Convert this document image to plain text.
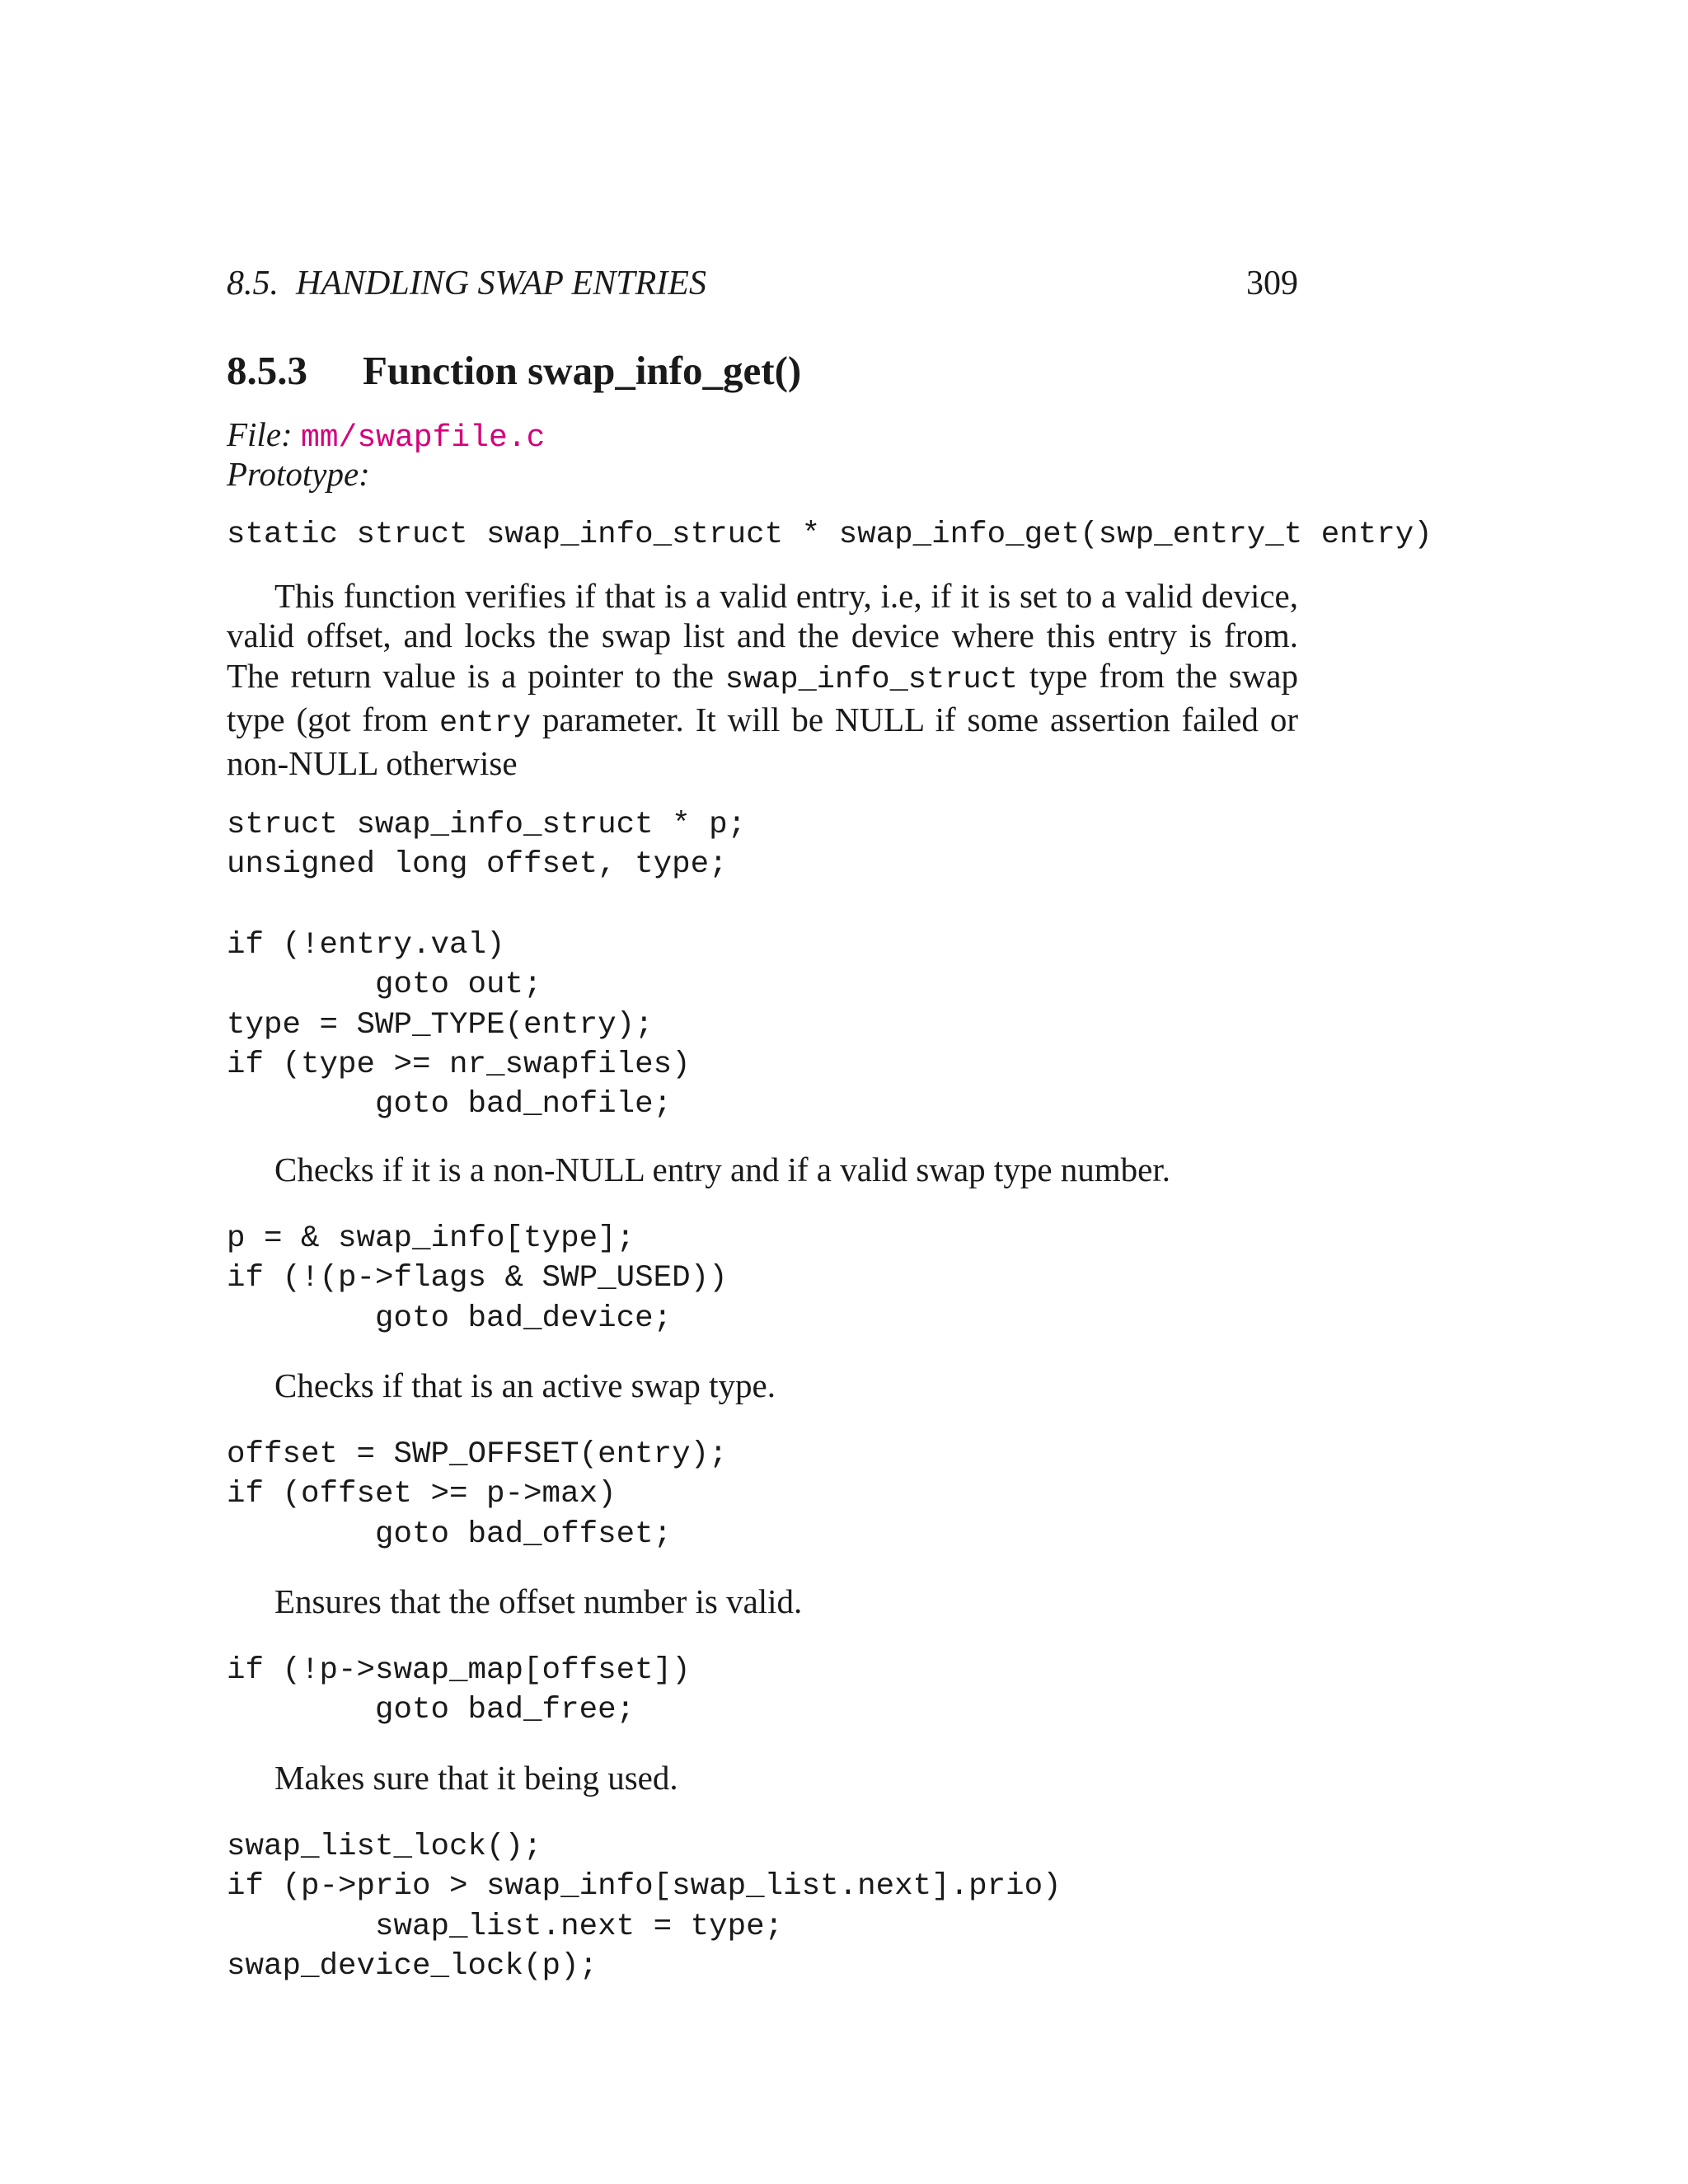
8.5.  HANDLING SWAP ENTRIES	309
8.5.3 Function swap_info_get()
File: mm/swapfile.c
Prototype:
static struct swap_info_struct * swap_info_get(swp_entry_t entry)

This function verifies if that is a valid entry, i.e, if it is set to a valid device, valid offset, and locks the swap list and the device where this entry is from. The return value is a pointer to the swap_info_struct type from the swap type (got from entry parameter. It will be NULL if some assertion failed or non-NULL otherwise

struct swap_info_struct * p;
unsigned long offset, type;
if (!entry.val)
goto out;
type = SWP_TYPE(entry);
if (type >= nr_swapfiles)
goto bad_nofile;

Checks if it is a non-NULL entry and if a valid swap type number.

p = & swap_info[type];
if (!(p->flags & SWP_USED))
goto bad_device;

Checks if that is an active swap type.

offset = SWP_OFFSET(entry);
if (offset >= p->max)
goto bad_offset;

Ensures that the offset number is valid.

if (!p->swap_map[offset])
goto bad_free;

Makes sure that it being used.

swap_list_lock();
if (p->prio > swap_info[swap_list.next].prio)
swap_list.next = type;
swap_device_lock(p);
